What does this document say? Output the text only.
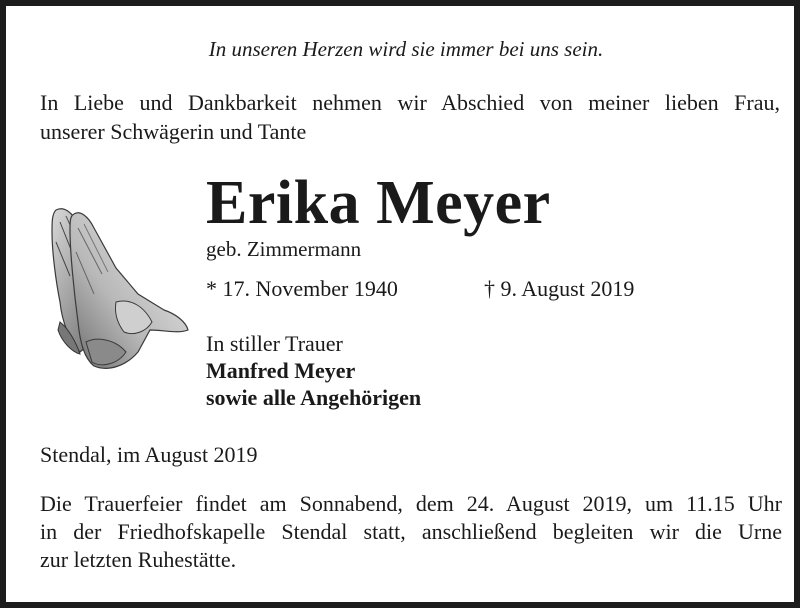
In unseren Herzen wird sie immer bei uns sein.
In Liebe und Dankbarkeit nehmen wir Abschied von meiner lieben Frau,
unserer Schwägerin und Tante
Erika Meyer
geb. Zimmermann
* 17. November 1940	† 9. August 2019
In stiller Trauer
Manfred Meyer
sowie alle Angehörigen
Stendal, im August 2019
Die Trauerfeier findet am Sonnabend, dem 24. August 2019, um 11.15 Uhr
in der Friedhofskapelle Stendal statt, anschließend begleiten wir die Urne
zur letzten Ruhestätte.
